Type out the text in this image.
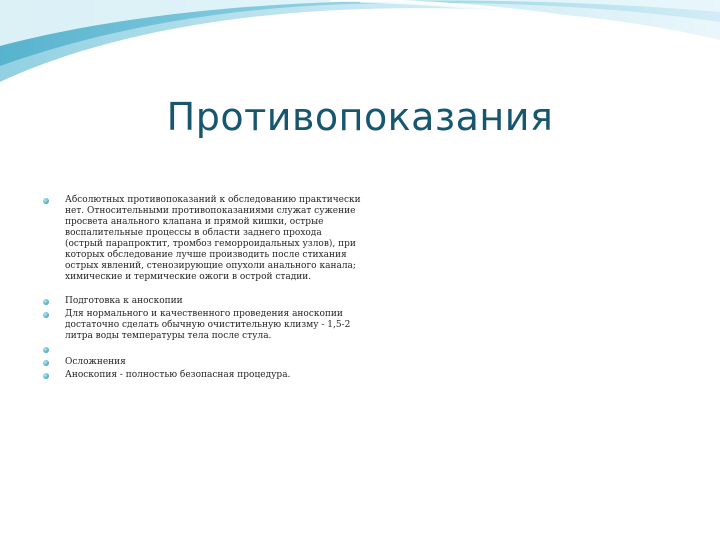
Противопоказания
Абсолютных противопоказаний к обследованию практически нет. Относительными противопоказаниями служат сужение просвета анального клапана и прямой кишки, острые воспалительные процессы в области заднего прохода (острый парапроктит, тромбоз геморроидальных узлов), при которых обследование лучше производить после стихания острых явлений, стенозирующие опухоли анального канала; химические и термические ожоги в острой стадии.
Подготовка к аноскопии
Для нормального и качественного проведения аноскопии достаточно сделать обычную очистительную клизму - 1,5-2 литра воды температуры тела после стула.
Осложнения
Аноскопия - полностью безопасная процедура.
